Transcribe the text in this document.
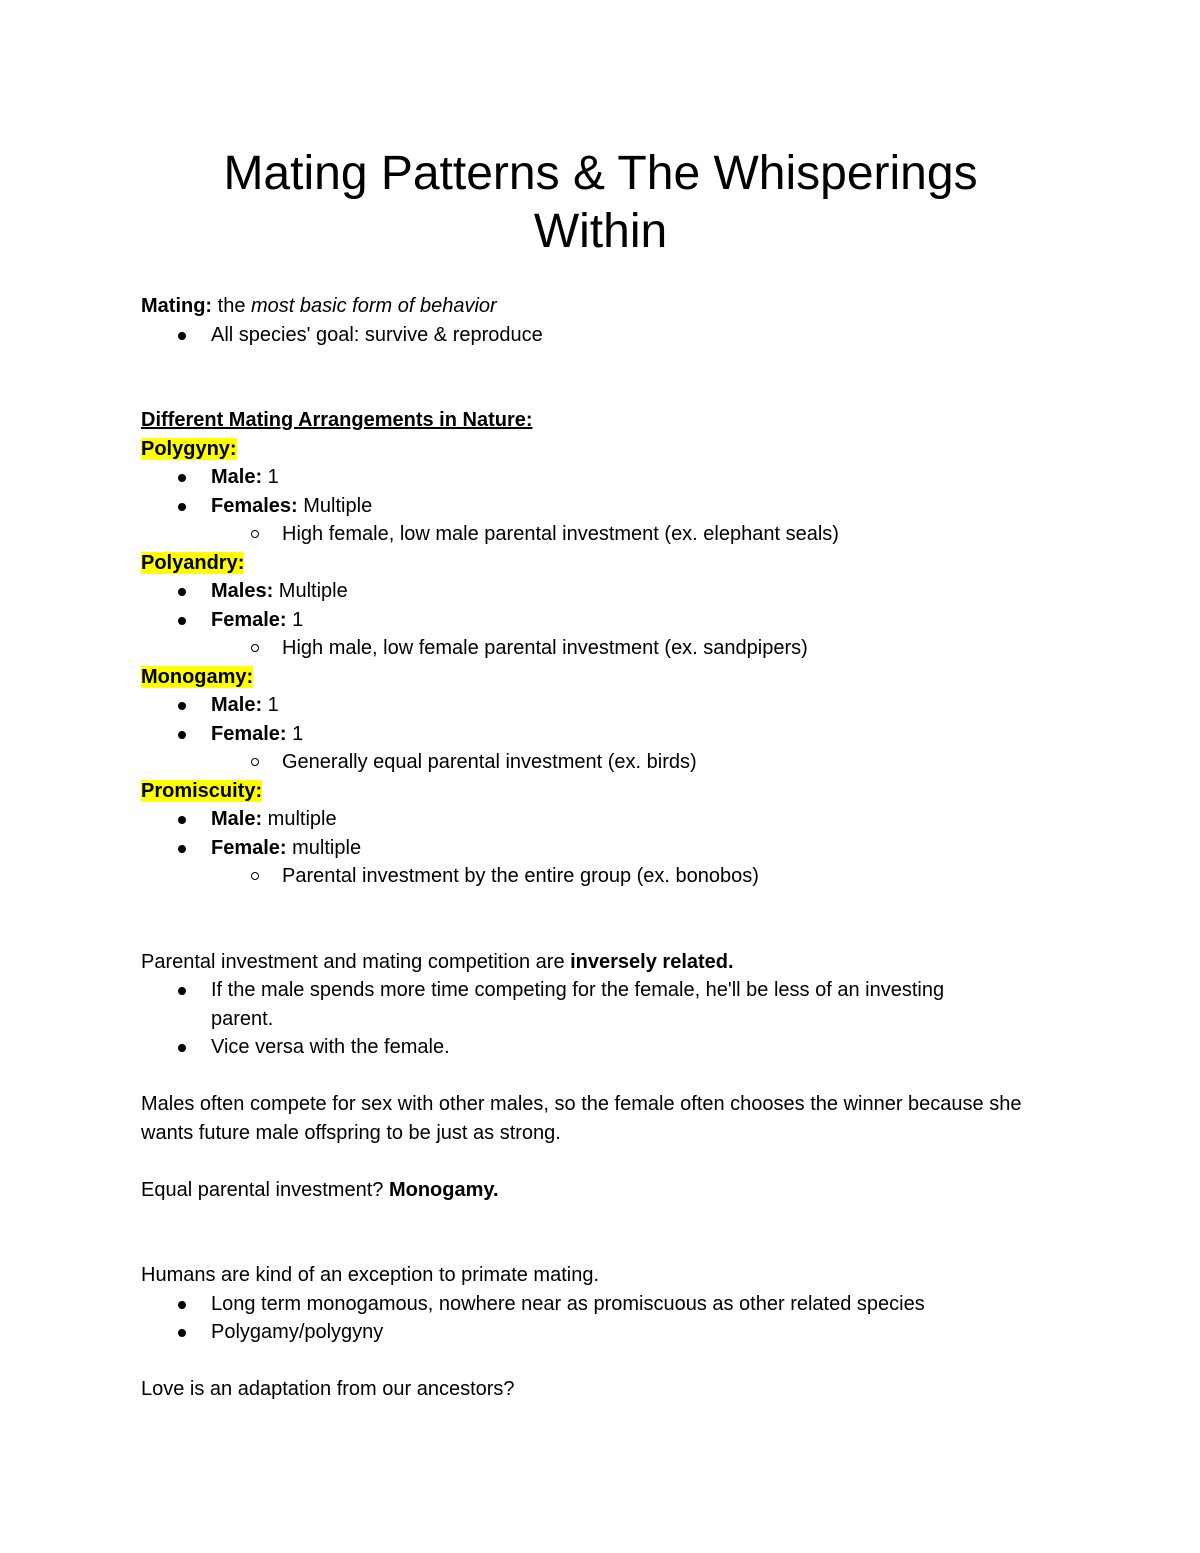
Mating Patterns & The Whisperings
Within

Mating: the most basic form of behavior

All species' goal: survive & reproduce

Different Mating Arrangements in Nature:

Polygyny:

Male: 1
Females: Multiple
High female, low male parental investment (ex. elephant seals)

Polyandry:

Males: Multiple
Female: 1
High male, low female parental investment (ex. sandpipers)

Monogamy:

Male: 1
Female: 1
Generally equal parental investment (ex. birds)

Promiscuity:

Male: multiple
Female: multiple
Parental investment by the entire group (ex. bonobos)

Parental investment and mating competition are inversely related.

If the male spends more time competing for the female, he'll be less of an investing parent.
Vice versa with the female.

Males often compete for sex with other males, so the female often chooses the winner because she wants future male offspring to be just as strong.

Equal parental investment? Monogamy.

Humans are kind of an exception to primate mating.

Long term monogamous, nowhere near as promiscuous as other related species
Polygamy/polygyny

Love is an adaptation from our ancestors?
